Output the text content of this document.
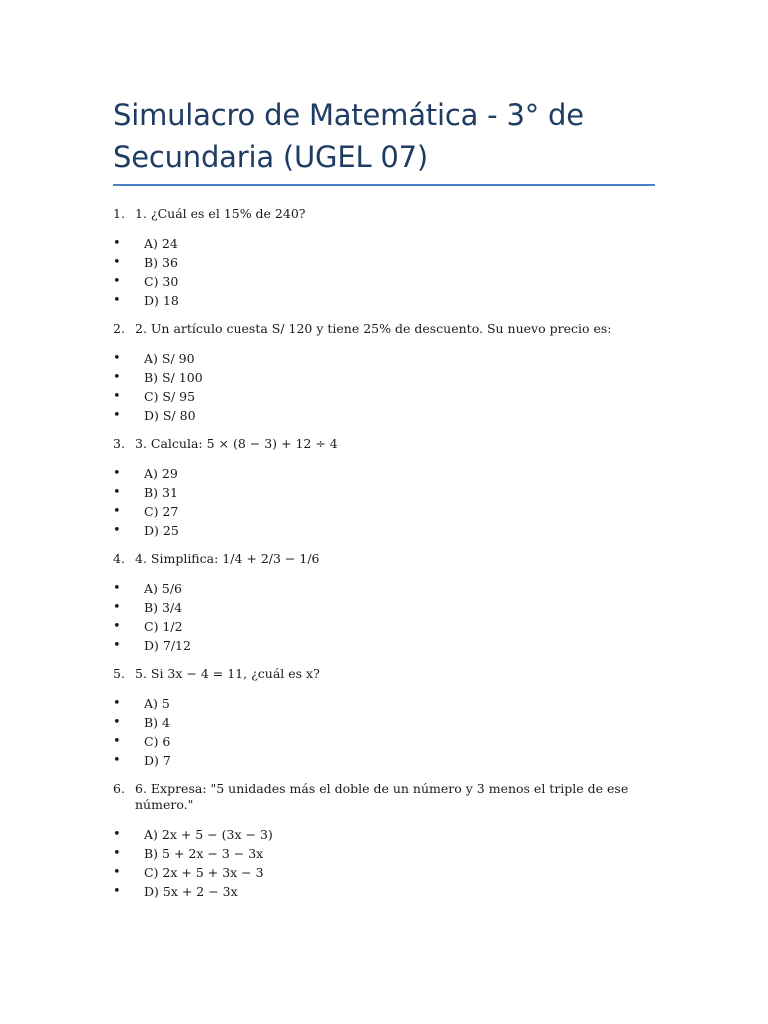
Simulacro de Matemática - 3° de Secundaria (UGEL 07)
1. 1. ¿Cuál es el 15% de 240?
•	A) 24
•	B) 36
•	C) 30
•	D) 18
2. 2. Un artículo cuesta S/ 120 y tiene 25% de descuento. Su nuevo precio es:
•	A) S/ 90
•	B) S/ 100
•	C) S/ 95
•	D) S/ 80
3. 3. Calcula: 5 × (8 − 3) + 12 ÷ 4
•	A) 29
•	B) 31
•	C) 27
•	D) 25
4. 4. Simplifica: 1/4 + 2/3 − 1/6
•	A) 5/6
•	B) 3/4
•	C) 1/2
•	D) 7/12
5. 5. Si 3x − 4 = 11, ¿cuál es x?
•	A) 5
•	B) 4
•	C) 6
•	D) 7
6. 6. Expresa: "5 unidades más el doble de un número y 3 menos el triple de ese número."
•	A) 2x + 5 − (3x − 3)
•	B) 5 + 2x − 3 − 3x
•	C) 2x + 5 + 3x − 3
•	D) 5x + 2 − 3x
